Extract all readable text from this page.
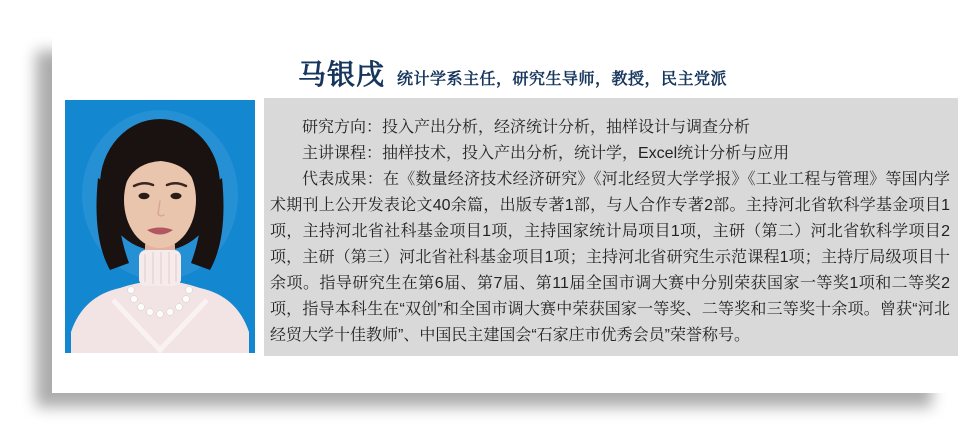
马银戌 统计学系主任，研究生导师，教授，民主党派

研究方向：投入产出分析，经济统计分析，抽样设计与调查分析

主讲课程：抽样技术，投入产出分析，统计学，Excel统计分析与应用

代表成果：在《数量经济技术经济研究》《河北经贸大学学报》《工业工程与管理》等国内学术期刊上公开发表论文40余篇，出版专著1部，与人合作专著2部。主持河北省软科学基金项目1项，主持河北省社科基金项目1项，主持国家统计局项目1项，主研（第二）河北省软科学项目2项，主研（第三）河北省社科基金项目1项；主持河北省研究生示范课程1项；主持厅局级项目十余项。指导研究生在第6届、第7届、第11届全国市调大赛中分别荣获国家一等奖1项和二等奖2项，指导本科生在“双创”和全国市调大赛中荣获国家一等奖、二等奖和三等奖十余项。曾获“河北经贸大学十佳教师”、中国民主建国会“石家庄市优秀会员”荣誉称号。
